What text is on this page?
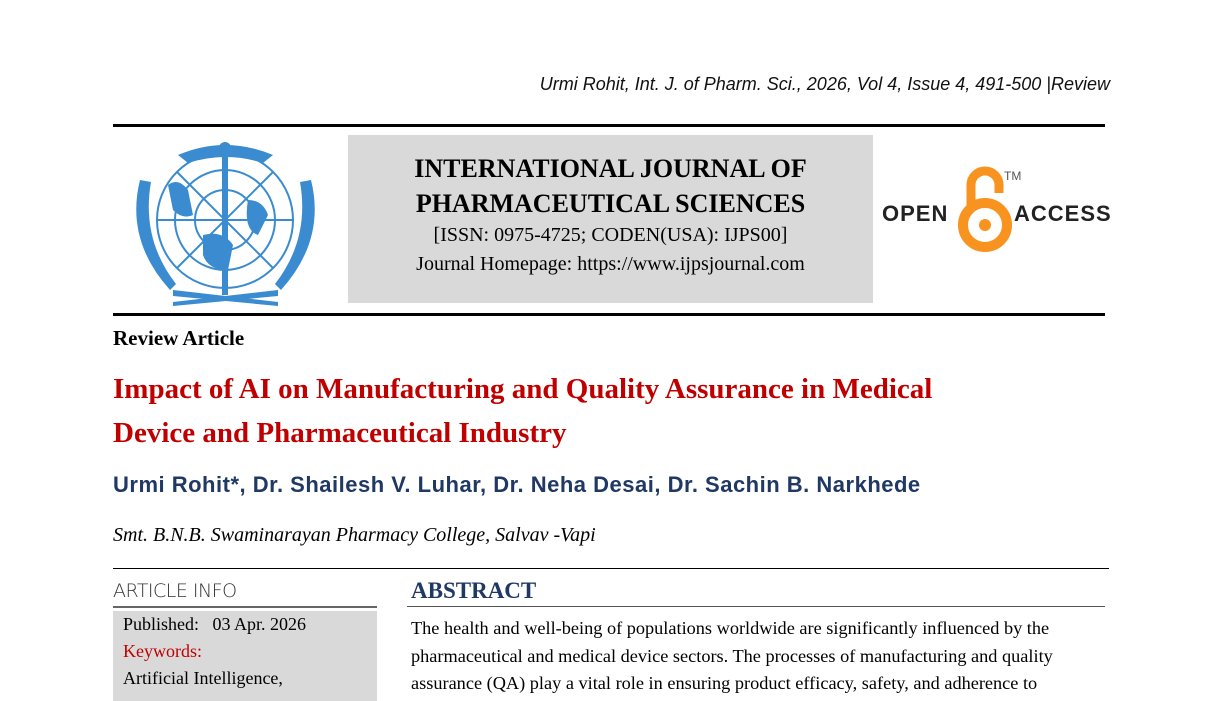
Urmi Rohit, Int. J. of Pharm. Sci., 2026, Vol 4, Issue 4, 491-500 |Review
INTERNATIONAL JOURNAL OF
PHARMACEUTICAL SCIENCES
[ISSN: 0975-4725; CODEN(USA): IJPS00]
Journal Homepage: https://www.ijpsjournal.com
OPEN
TM
ACCESS
Review Article
Impact of AI on Manufacturing and Quality Assurance in Medical
Device and Pharmaceutical Industry
Urmi Rohit*, Dr. Shailesh V. Luhar, Dr. Neha Desai, Dr. Sachin B. Narkhede
Smt. B.N.B. Swaminarayan Pharmacy College, Salvav -Vapi
ARTICLE INFO
Published:   03 Apr. 2026
Keywords:
Artificial Intelligence,
ABSTRACT
The health and well-being of populations worldwide are significantly influenced by the
pharmaceutical and medical device sectors. The processes of manufacturing and quality
assurance (QA) play a vital role in ensuring product efficacy, safety, and adherence to
